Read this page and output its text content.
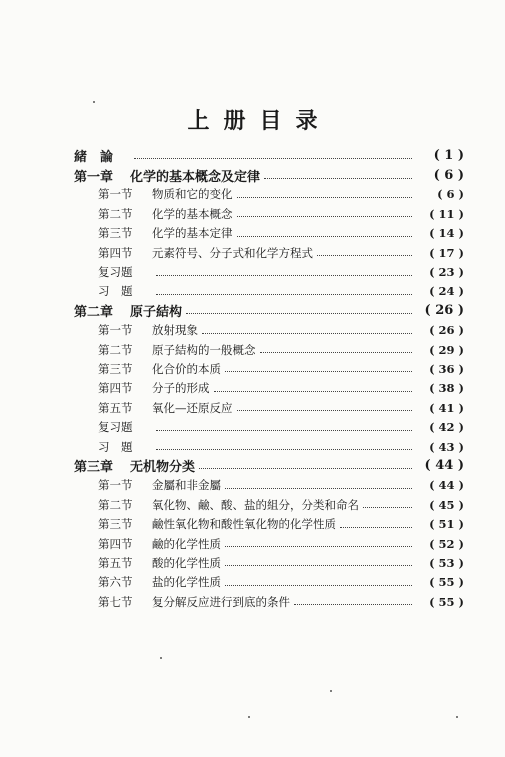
上册目录
緒　論	( 1 )
第一章	化学的基本概念及定律	( 6 )
第一节	物质和它的变化	( 6 )
第二节	化学的基本概念	( 11 )
第三节	化学的基本定律	( 14 )
第四节	元素符号、分子式和化学方程式	( 17 )
复习题	( 23 )
习　题	( 24 )
第二章	原子結构	( 26 )
第一节	放射現象	( 26 )
第二节	原子結构的一般概念	( 29 )
第三节	化合价的本质	( 36 )
第四节	分子的形成	( 38 )
第五节	氧化—还原反应	( 41 )
复习题	( 42 )
习　題	( 43 )
第三章	无机物分类	( 44 )
第一节	金屬和非金屬	( 44 )
第二节	氧化物、鹼、酸、盐的組分，分类和命名	( 45 )
第三节	鹼性氧化物和酸性氧化物的化学性质	( 51 )
第四节	鹼的化学性质	( 52 )
第五节	酸的化学性质	( 53 )
第六节	盐的化学性质	( 55 )
第七节	复分解反应进行到底的条件	( 55 )
